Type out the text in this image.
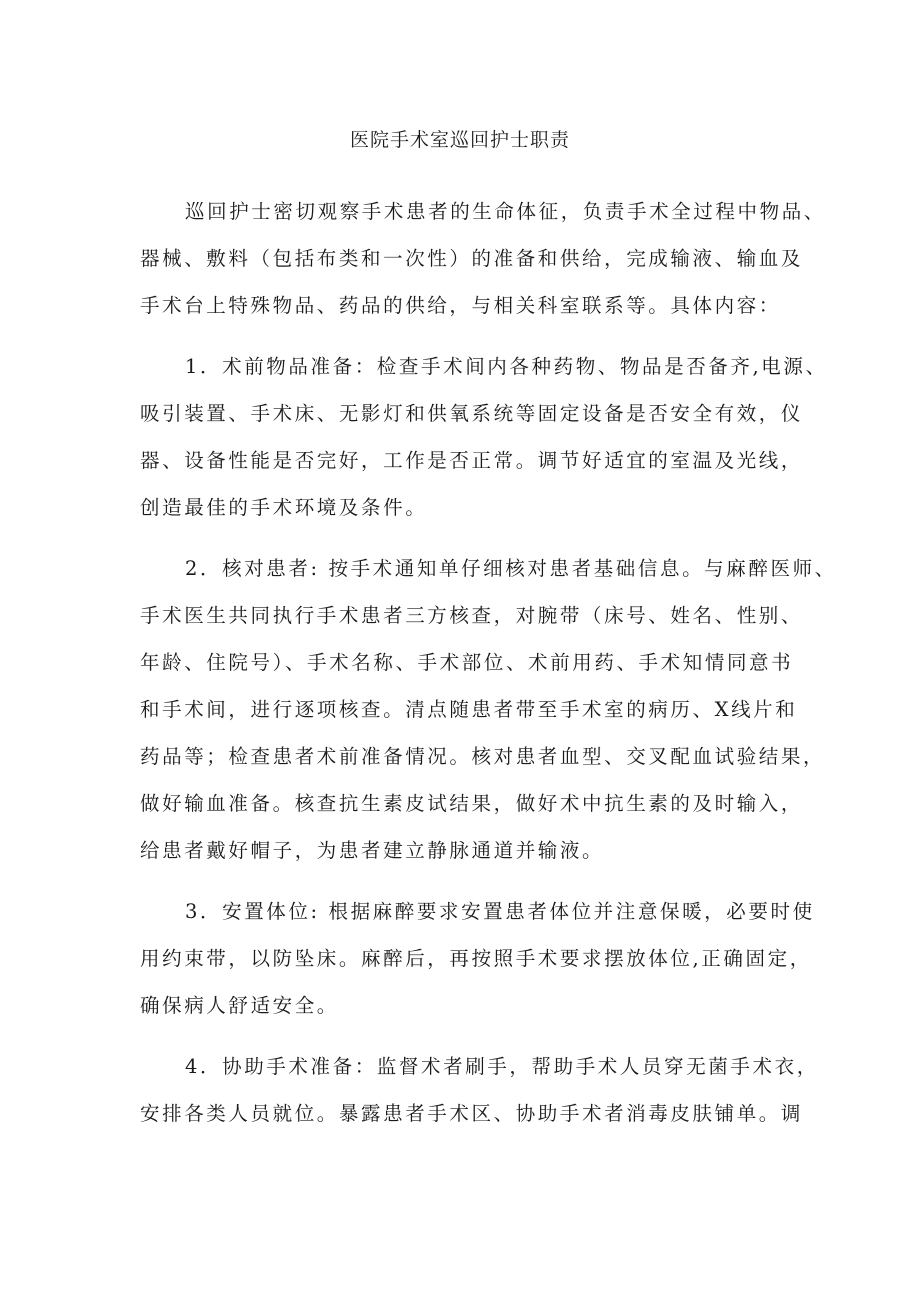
医院手术室巡回护士职责
巡回护士密切观察手术患者的生命体征，负责手术全过程中物品、
器械、敷料（包括布类和一次性）的准备和供给，完成输液、输血及
手术台上特殊物品、药品的供给，与相关科室联系等。具体内容：
1．术前物品准备：检查手术间内各种药物、物品是否备齐,电源、
吸引装置、手术床、无影灯和供氧系统等固定设备是否安全有效，仪
器、设备性能是否完好，工作是否正常。调节好适宜的室温及光线，
创造最佳的手术环境及条件。
2．核对患者: 按手术通知单仔细核对患者基础信息。与麻醉医师、
手术医生共同执行手术患者三方核查，对腕带（床号、姓名、性别、
年龄、住院号）、手术名称、手术部位、术前用药、手术知情同意书
和手术间，进行逐项核查。清点随患者带至手术室的病历、X线片和
药品等；检查患者术前准备情况。核对患者血型、交叉配血试验结果，
做好输血准备。核查抗生素皮试结果，做好术中抗生素的及时输入，
给患者戴好帽子，为患者建立静脉通道并输液。
3．安置体位: 根据麻醉要求安置患者体位并注意保暖，必要时使
用约束带，以防坠床。麻醉后，再按照手术要求摆放体位,正确固定，
确保病人舒适安全。
4．协助手术准备：监督术者刷手，帮助手术人员穿无菌手术衣，
安排各类人员就位。暴露患者手术区、协助手术者消毒皮肤铺单。调
